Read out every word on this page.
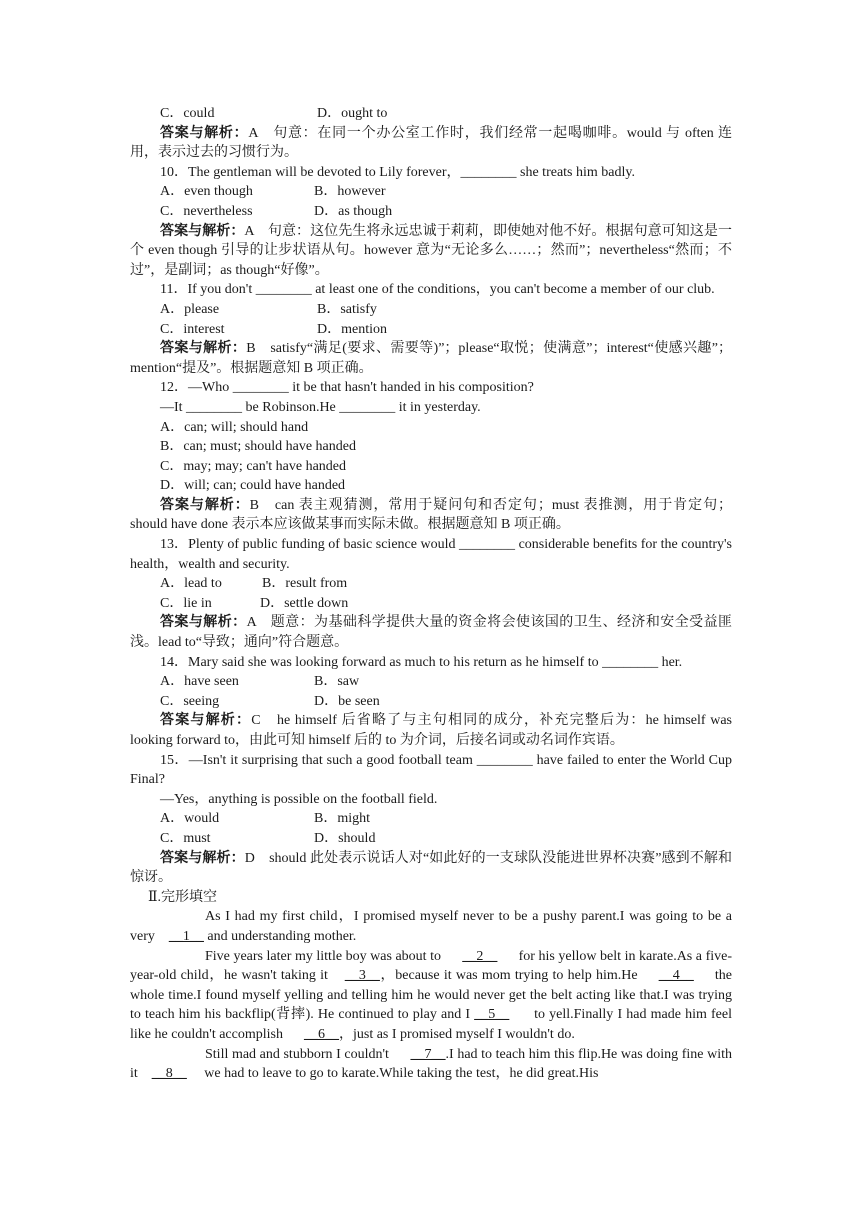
C．could	D．ought to

答案与解析：A　句意：在同一个办公室工作时，我们经常一起喝咖啡。would 与 often 连用，表示过去的习惯行为。

10．The gentleman will be devoted to Lily forever，________ she treats him badly.

A．even though	B．however
C．nevertheless	D．as though

答案与解析：A　句意：这位先生将永远忠诚于莉莉，即使她对他不好。根据句意可知这是一个 even though 引导的让步状语从句。however 意为“无论多么……；然而”；nevertheless“然而；不过”，是副词；as though“好像”。

11．If you don't ________ at least one of the conditions，you can't become a member of our club.

A．please	B．satisfy
C．interest	D．mention

答案与解析：B　satisfy“满足(要求、需要等)”；please“取悦；使满意”；interest“使感兴趣”；mention“提及”。根据题意知 B 项正确。

12．—Who ________ it be that hasn't handed in his composition?

—It ________ be Robinson.He ________ it in yesterday.

A．can; will; should hand
B．can; must; should have handed
C．may; may; can't have handed
D．will; can; could have handed

答案与解析：B　can 表主观猜测，常用于疑问句和否定句；must 表推测，用于肯定句；should have done 表示本应该做某事而实际未做。根据题意知 B 项正确。

13．Plenty of public funding of basic science would ________ considerable benefits for the country's health，wealth and security.

A．lead to	B．result from
C．lie in	D．settle down

答案与解析：A　题意：为基础科学提供大量的资金将会使该国的卫生、经济和安全受益匪浅。lead to“导致；通向”符合题意。

14．Mary said she was looking forward as much to his return as he himself to ________ her.

A．have seen	B．saw
C．seeing	D．be seen

答案与解析：C　he himself 后省略了与主句相同的成分，补充完整后为：he himself was looking forward to，由此可知 himself 后的 to 为介词，后接名词或动名词作宾语。

15．—Isn't it surprising that such a good football team ________ have failed to enter the World Cup Final?

—Yes，anything is possible on the football field.

A．would	B．might
C．must	D．should

答案与解析：D　should 此处表示说话人对“如此好的一支球队没能进世界杯决赛”感到不解和惊讶。

Ⅱ.完形填空

As I had my first child，I promised myself never to be a pushy parent.I was going to be a very __1__ and understanding mother.

Five years later my little boy was about to __2__ for his yellow belt in karate.As a five-year-old child，he wasn't taking it __3__，because it was mom trying to help him.He __4__ the whole time.I found myself yelling and telling him he would never get the belt acting like that.I was trying to teach him his backflip(背摔). He continued to play and I __5__ to yell.Finally I had made him feel like he couldn't accomplish __6__，just as I promised myself I wouldn't do.

Still mad and stubborn I couldn't __7__.I had to teach him this flip.He was doing fine with it __8__ we had to leave to go to karate.While taking the test，he did great.His
